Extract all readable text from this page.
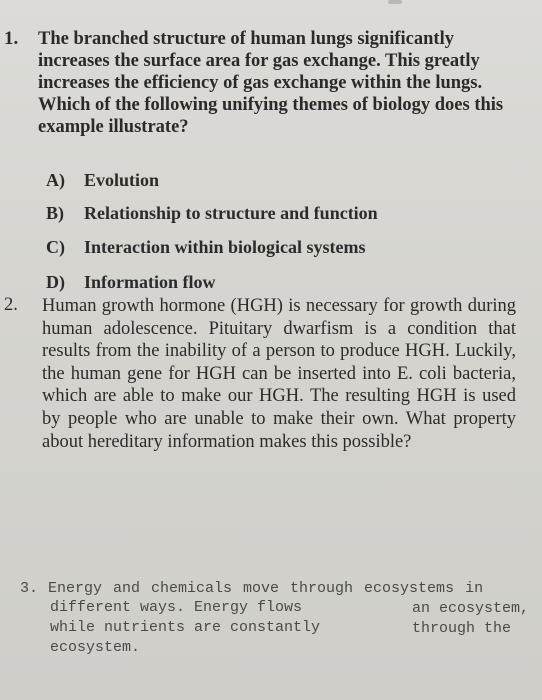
1. The branched structure of human lungs significantly increases the surface area for gas exchange. This greatly increases the efficiency of gas exchange within the lungs. Which of the following unifying themes of biology does this example illustrate?

A) Evolution
B) Relationship to structure and function
C) Interaction within biological systems
D) Information flow
2. Human growth hormone (HGH) is necessary for growth during human adolescence. Pituitary dwarfism is a condition that results from the inability of a person to produce HGH. Luckily, the human gene for HGH can be inserted into E. coli bacteria, which are able to make our HGH. The resulting HGH is used by people who are unable to make their own. What property about hereditary information makes this possible?

3. Energy and chemicals move through ecosystems in
different ways. Energy flows	an ecosystem,
while nutrients are constantly	through the
ecosystem.
